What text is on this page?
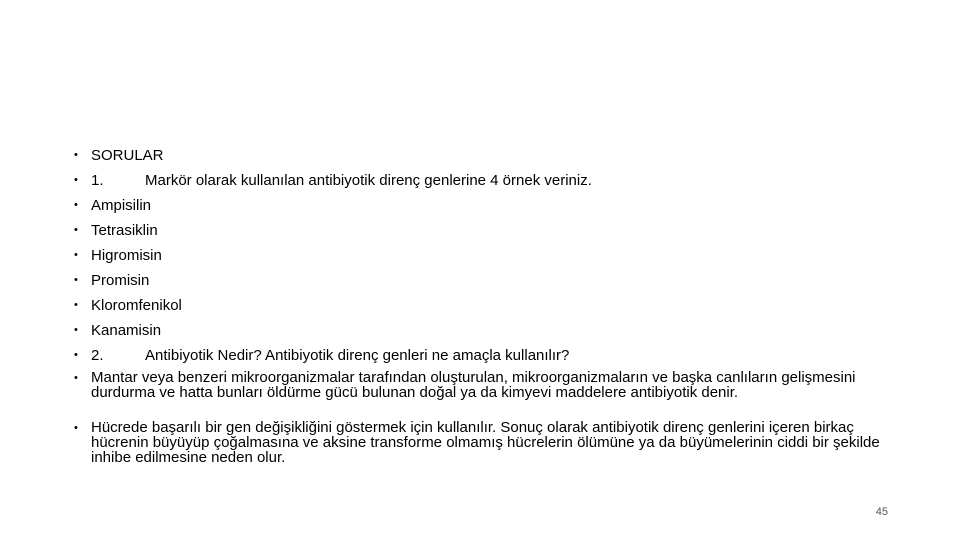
• SORULAR
• 1.	Markör olarak kullanılan antibiyotik direnç genlerine 4 örnek veriniz.
• Ampisilin
• Tetrasiklin
• Higromisin
• Promisin
• Kloromfenikol
• Kanamisin
• 2.	Antibiyotik Nedir? Antibiyotik direnç genleri ne amaçla kullanılır?
• Mantar veya benzeri mikroorganizmalar tarafından oluşturulan, mikroorganizmaların ve başka canlıların gelişmesini durdurma ve hatta bunları öldürme gücü bulunan doğal ya da kimyevi maddelere antibiyotik denir.
• Hücrede başarılı bir gen değişikliğini göstermek için kullanılır. Sonuç olarak antibiyotik direnç genlerini içeren birkaç hücrenin büyüyüp çoğalmasına ve aksine transforme olmamış hücrelerin ölümüne ya da büyümelerinin ciddi bir şekilde inhibe edilmesine neden olur.
45
